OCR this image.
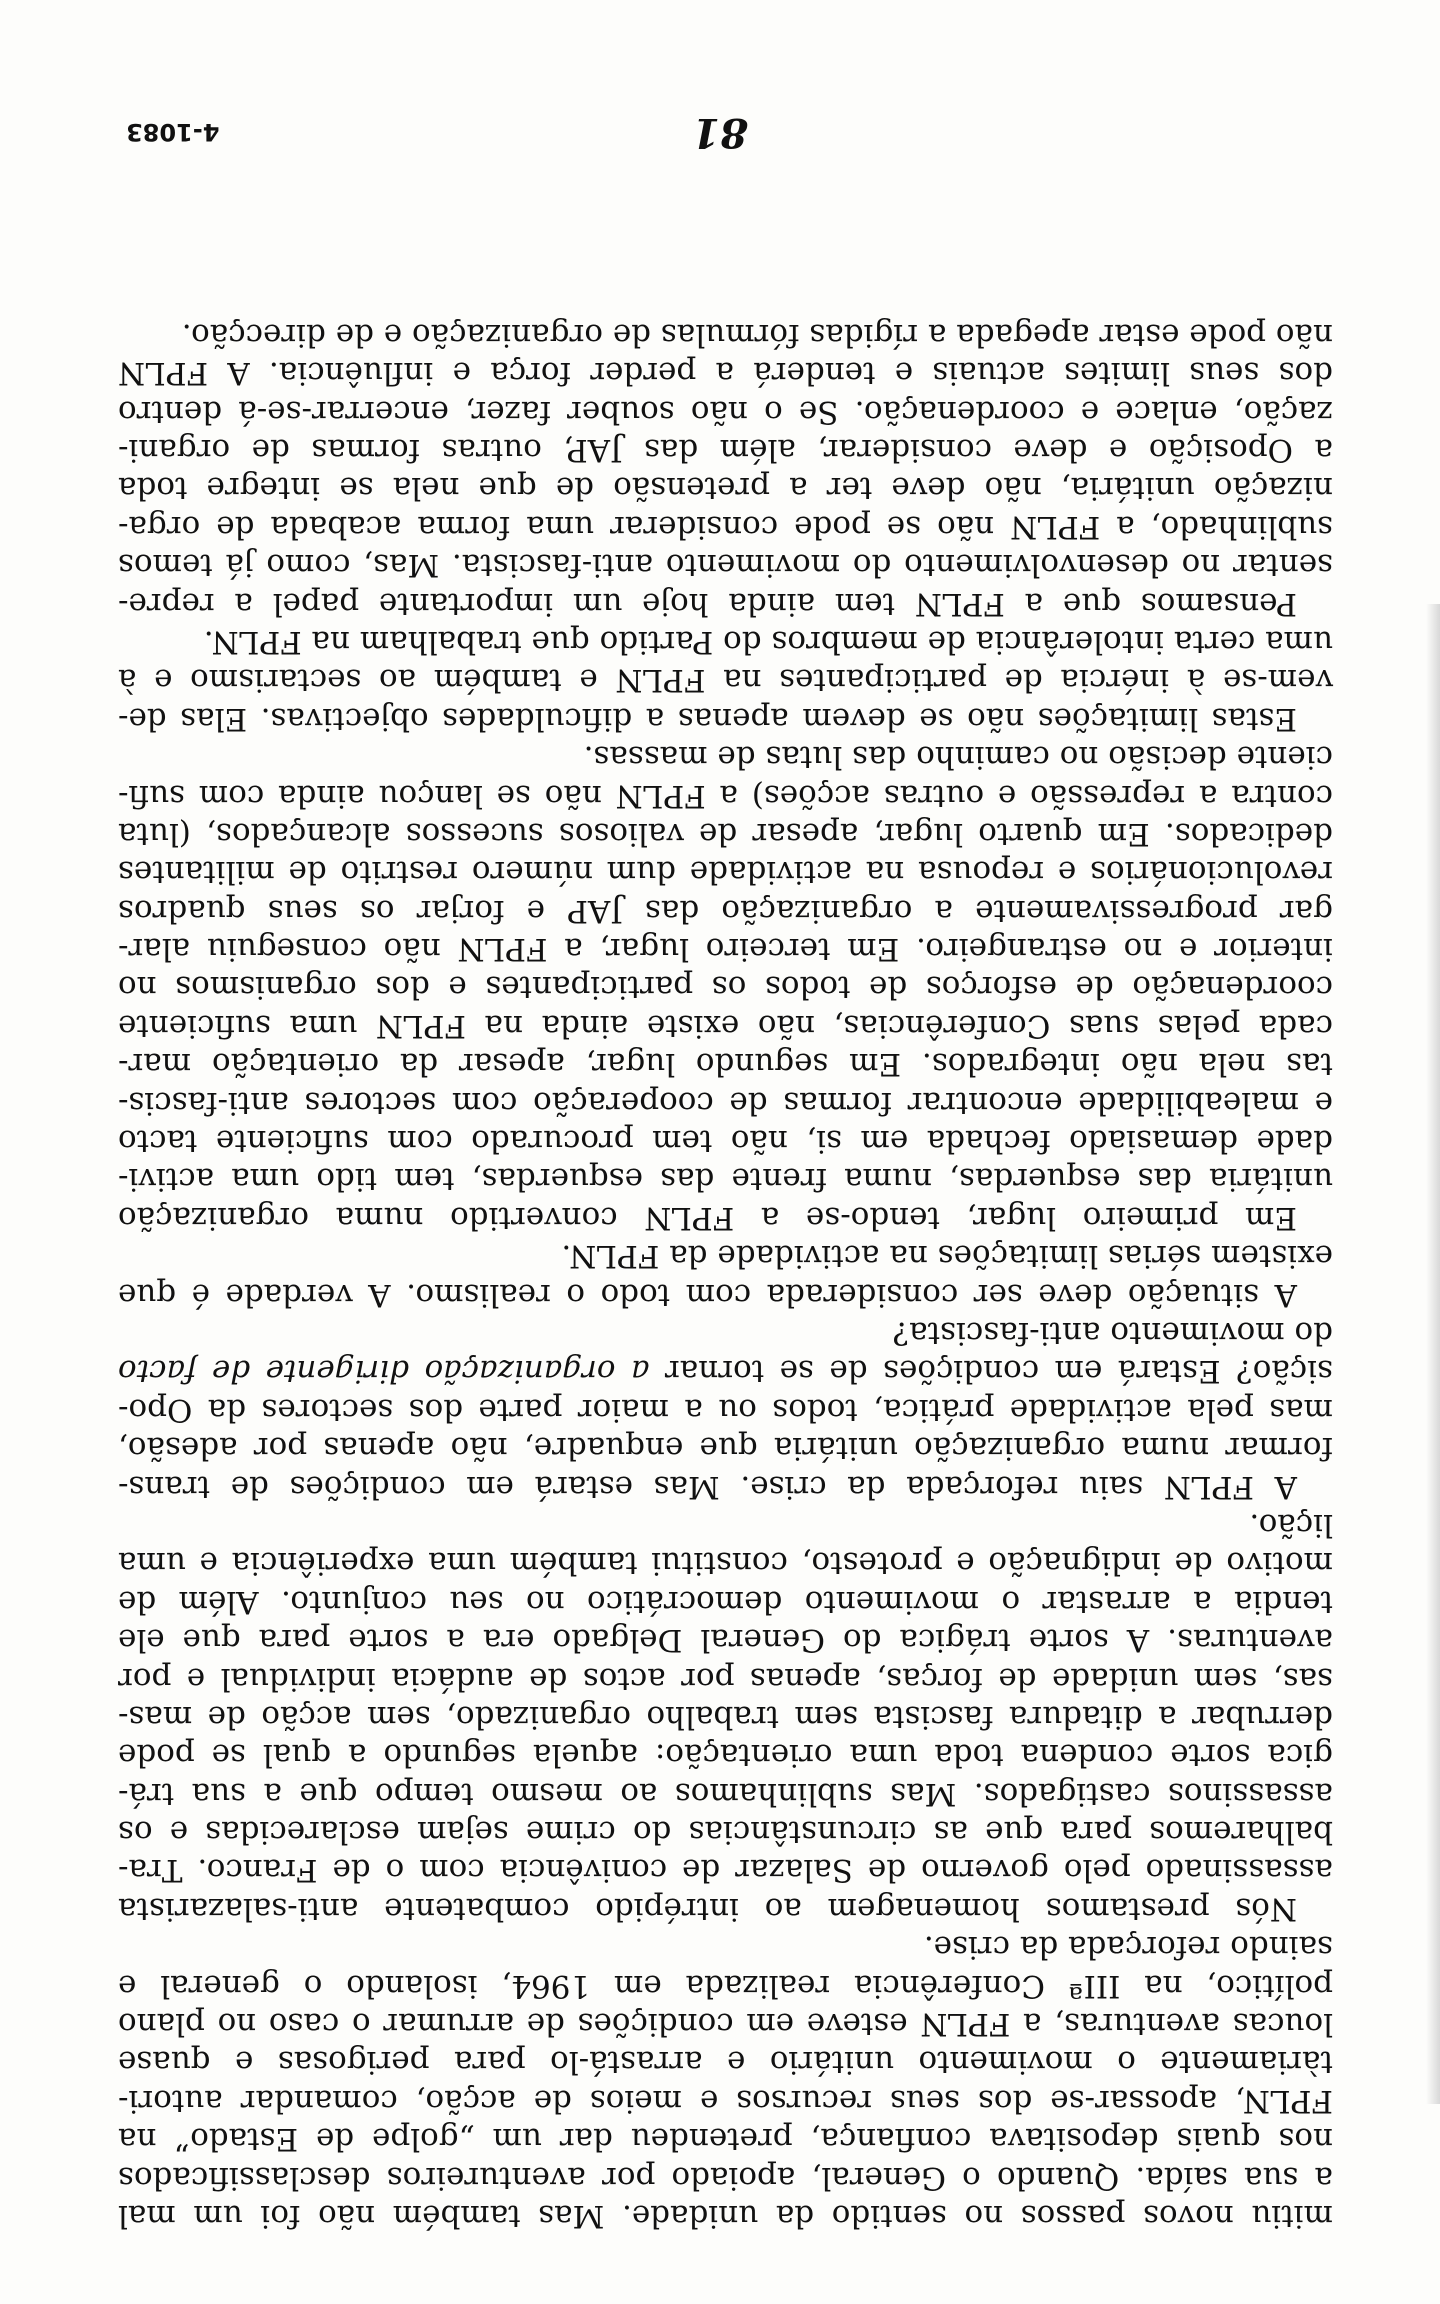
mitiu novos passos no sentido da unidade. Mas também não foi um mal
a sua saída. Quando o General, apoiado por aventureiros desclassificados
nos quais depositava confiança, pretendeu dar um „golpe de Estado” na
FPLN, apossar-se dos seus recursos e meios de acção, comandar autori-
tàriamente o movimento unitário e arrastá-lo para perigosas e quase
loucas aventuras, a FPLN esteve em condições de arrumar o caso no plano
político, na IIIª Conferência realizada em 1964, isolando o general e
saindo reforçada da crise.
Nós prestamos homenagem ao intrépido combatente anti-salazarista
assassinado pelo governo de Salazar de conivência com o de Franco. Tra-
balharemos para que as circunstâncias do crime sejam esclarecidas e os
assassinos castigados. Mas sublinhamos ao mesmo tempo que a sua trá-
gica sorte condena toda uma orientação: aquela segundo a qual se pode
derrubar a ditadura fascista sem trabalho organizado, sem acção de mas-
sas, sem unidade de forças, apenas por actos de audácia individual e por
aventuras. A sorte trágica do General Delgado era a sorte para que ele
tendia a arrastar o movimento democrático no seu conjunto. Além de
motivo de indignação e protesto, constitui também uma experiência e uma
lição.
A FPLN saiu reforçada da crise. Mas estará em condições de trans-
formar numa organização unitária que enquadre, não apenas por adesão,
mas pela actividade prática, todos ou a maior parte dos sectores da Opo-
sição? Estará em condições de se tornar a organização dirigente de facto
do movimento anti-fascista?
A situação deve ser considerada com todo o realismo. A verdade é que
existem sérias limitações na actividade da FPLN.
Em primeiro lugar, tendo-se a FPLN convertido numa organização
unitária das esquerdas, numa frente das esquerdas, tem tido uma activi-
dade demasiado fechada em si, não tem procurado com suficiente tacto
e maleabilidade encontrar formas de cooperação com sectores anti-fascis-
tas nela não integrados. Em segundo lugar, apesar da orientação mar-
cada pelas suas Conferências, não existe ainda na FPLN uma suficiente
coordenação de esforços de todos os participantes e dos organismos no
interior e no estrangeiro. Em terceiro lugar, a FPLN não conseguiu alar-
gar progressivamente a organização das JAP e forjar os seus quadros
revolucionários e repousa na actividade dum número restrito de militantes
dedicados. Em quarto lugar, apesar de valiosos sucessos alcançados, (luta
contra a repressão e outras acções) a FPLN não se lançou ainda com sufi-
ciente decisão no caminho das lutas de massas.
Estas limitações não se devem apenas a dificuldades objectivas. Elas de-
vem-se à inércia de participantes na FPLN e também ao sectarismo e à
uma certa intolerância de membros do Partido que trabalham na FPLN.
Pensamos que a FPLN tem ainda hoje um importante papel a repre-
sentar no desenvolvimento do movimento anti-fascista. Mas, como já temos
sublinhado, a FPLN não se pode considerar uma forma acabada de orga-
nização unitária, não deve ter a pretensão de que nela se integre toda
a Oposição e deve considerar, além das JAP, outras formas de organi-
zação, enlace e coordenação. Se o não souber fazer, encerrar-se-á dentro
dos seus limites actuais e tenderá a perder força e influência. A FPLN
não pode estar apegada a rígidas fórmulas de organização e de direcção.
81
4-1083
